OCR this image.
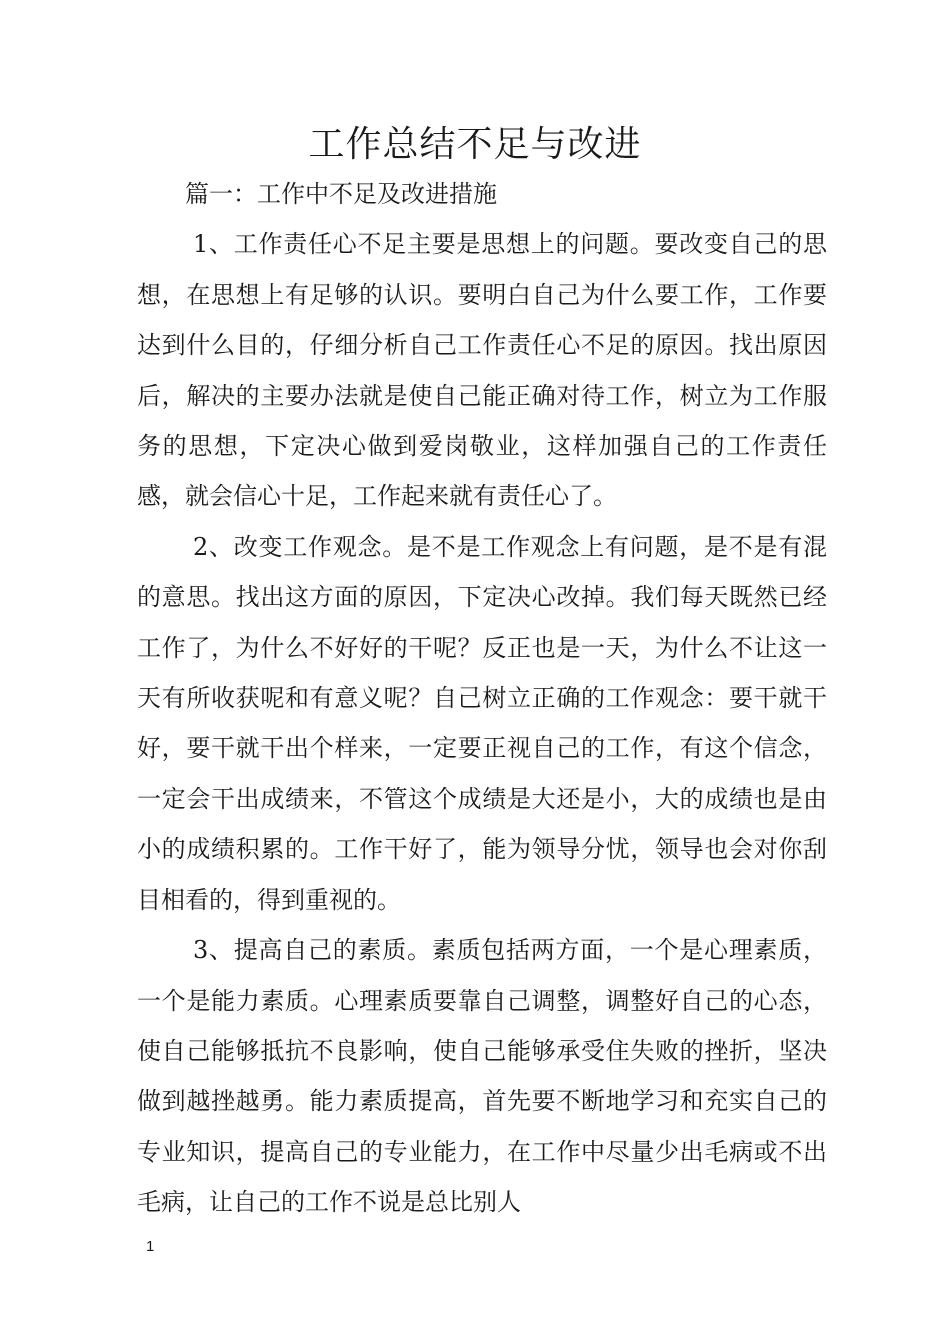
工作总结不足与改进

篇一：工作中不足及改进措施

1、工作责任心不足主要是思想上的问题。要改变自己的思想，在思想上有足够的认识。要明白自己为什么要工作，工作要达到什么目的，仔细分析自己工作责任心不足的原因。找出原因后，解决的主要办法就是使自己能正确对待工作，树立为工作服务的思想，下定决心做到爱岗敬业，这样加强自己的工作责任感，就会信心十足，工作起来就有责任心了。

2、改变工作观念。是不是工作观念上有问题，是不是有混的意思。找出这方面的原因，下定决心改掉。我们每天既然已经工作了，为什么不好好的干呢？反正也是一天，为什么不让这一天有所收获呢和有意义呢？自己树立正确的工作观念：要干就干好，要干就干出个样来，一定要正视自己的工作，有这个信念，一定会干出成绩来，不管这个成绩是大还是小，大的成绩也是由小的成绩积累的。工作干好了，能为领导分忧，领导也会对你刮目相看的，得到重视的。

3、提高自己的素质。素质包括两方面，一个是心理素质，一个是能力素质。心理素质要靠自己调整，调整好自己的心态，使自己能够抵抗不良影响，使自己能够承受住失败的挫折，坚决做到越挫越勇。能力素质提高，首先要不断地学习和充实自己的专业知识，提高自己的专业能力，在工作中尽量少出毛病或不出毛病，让自己的工作不说是总比别人

1
